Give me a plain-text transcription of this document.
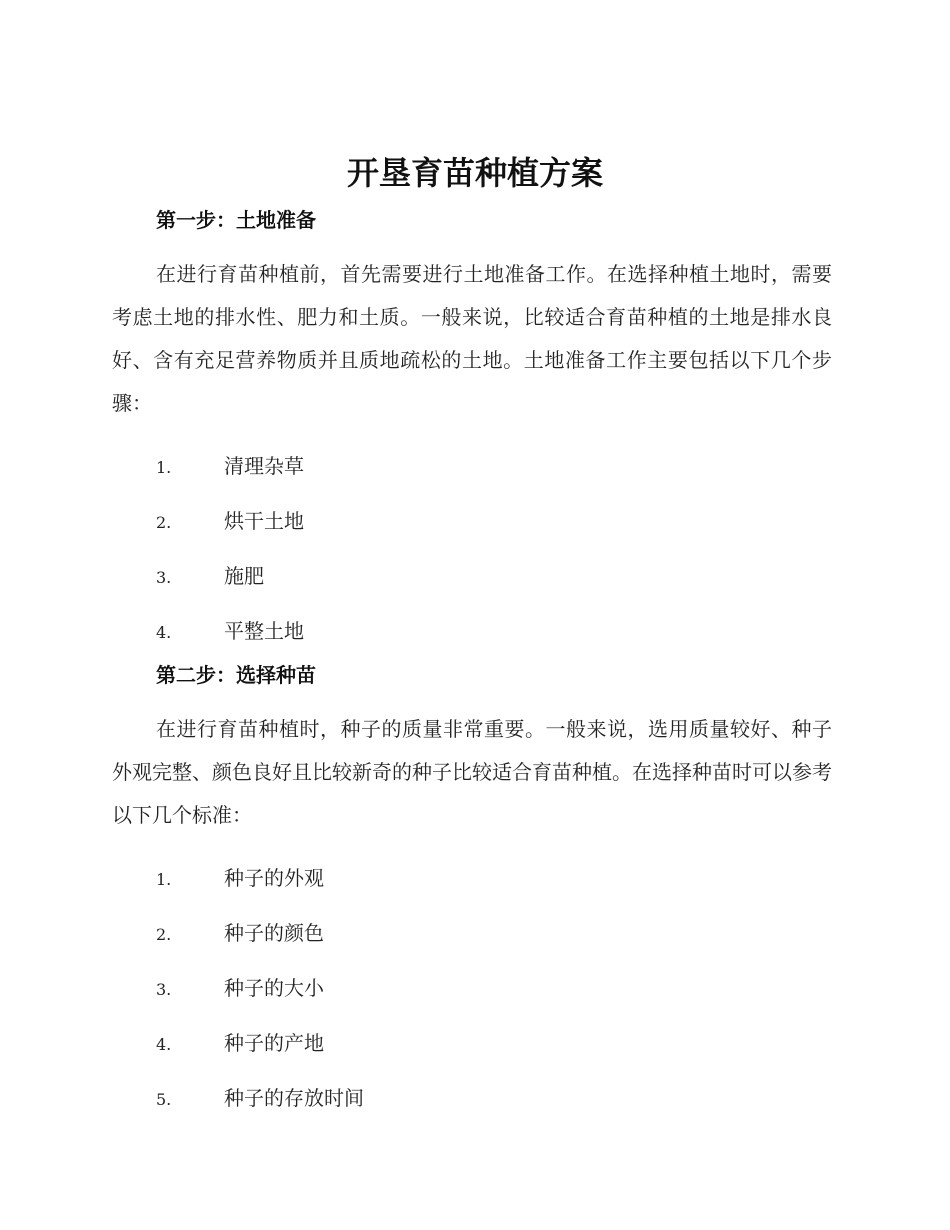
开垦育苗种植方案
第一步：土地准备

在进行育苗种植前，首先需要进行土地准备工作。在选择种植土地时，需要考虑土地的排水性、肥力和土质。一般来说，比较适合育苗种植的土地是排水良好、含有充足营养物质并且质地疏松的土地。土地准备工作主要包括以下几个步骤：

1.	清理杂草
2.	烘干土地
3.	施肥
4.	平整土地
第二步：选择种苗

在进行育苗种植时，种子的质量非常重要。一般来说，选用质量较好、种子外观完整、颜色良好且比较新奇的种子比较适合育苗种植。在选择种苗时可以参考以下几个标准：

1.	种子的外观
2.	种子的颜色
3.	种子的大小
4.	种子的产地
5.	种子的存放时间
